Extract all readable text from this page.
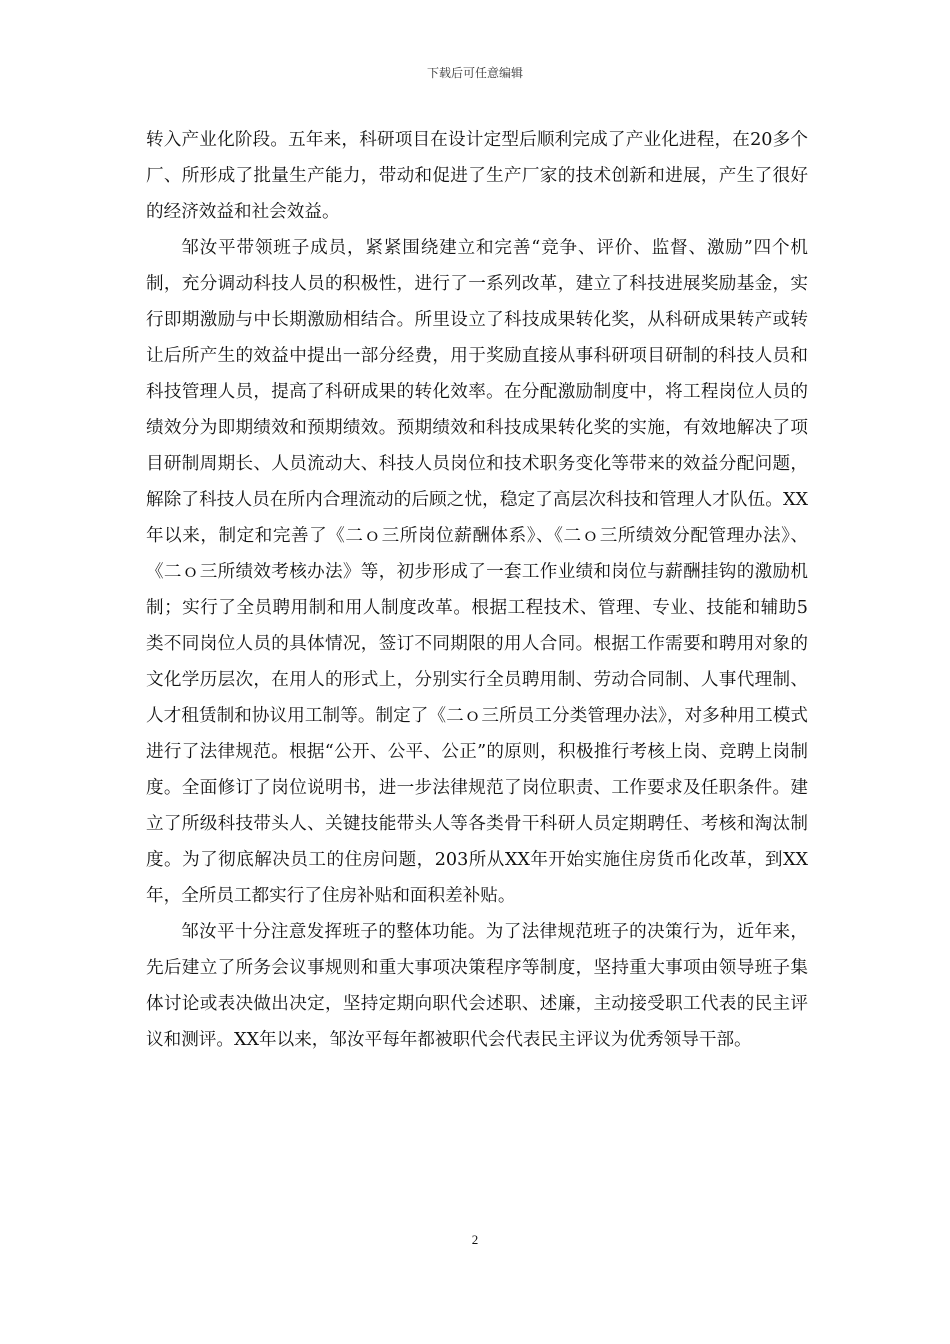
下载后可任意编辑

转入产业化阶段。五年来，科研项目在设计定型后顺利完成了产业化进程，在20多个厂、所形成了批量生产能力，带动和促进了生产厂家的技术创新和进展，产生了很好的经济效益和社会效益。

邹汝平带领班子成员，紧紧围绕建立和完善“竞争、评价、监督、激励”四个机制，充分调动科技人员的积极性，进行了一系列改革，建立了科技进展奖励基金，实行即期激励与中长期激励相结合。所里设立了科技成果转化奖，从科研成果转产或转让后所产生的效益中提出一部分经费，用于奖励直接从事科研项目研制的科技人员和科技管理人员，提高了科研成果的转化效率。在分配激励制度中，将工程岗位人员的绩效分为即期绩效和预期绩效。预期绩效和科技成果转化奖的实施，有效地解决了项目研制周期长、人员流动大、科技人员岗位和技术职务变化等带来的效益分配问题，解除了科技人员在所内合理流动的后顾之忧，稳定了高层次科技和管理人才队伍。XX年以来，制定和完善了《二ｏ三所岗位薪酬体系》、《二ｏ三所绩效分配管理办法》、《二ｏ三所绩效考核办法》等，初步形成了一套工作业绩和岗位与薪酬挂钩的激励机制；实行了全员聘用制和用人制度改革。根据工程技术、管理、专业、技能和辅助5类不同岗位人员的具体情况，签订不同期限的用人合同。根据工作需要和聘用对象的文化学历层次，在用人的形式上，分别实行全员聘用制、劳动合同制、人事代理制、人才租赁制和协议用工制等。制定了《二ｏ三所员工分类管理办法》，对多种用工模式进行了法律规范。根据“公开、公平、公正”的原则，积极推行考核上岗、竞聘上岗制度。全面修订了岗位说明书，进一步法律规范了岗位职责、工作要求及任职条件。建立了所级科技带头人、关键技能带头人等各类骨干科研人员定期聘任、考核和淘汰制度。为了彻底解决员工的住房问题，203所从XX年开始实施住房货币化改革，到XX年，全所员工都实行了住房补贴和面积差补贴。

邹汝平十分注意发挥班子的整体功能。为了法律规范班子的决策行为，近年来，先后建立了所务会议事规则和重大事项决策程序等制度，坚持重大事项由领导班子集体讨论或表决做出决定，坚持定期向职代会述职、述廉，主动接受职工代表的民主评议和测评。XX年以来，邹汝平每年都被职代会代表民主评议为优秀领导干部。

2
